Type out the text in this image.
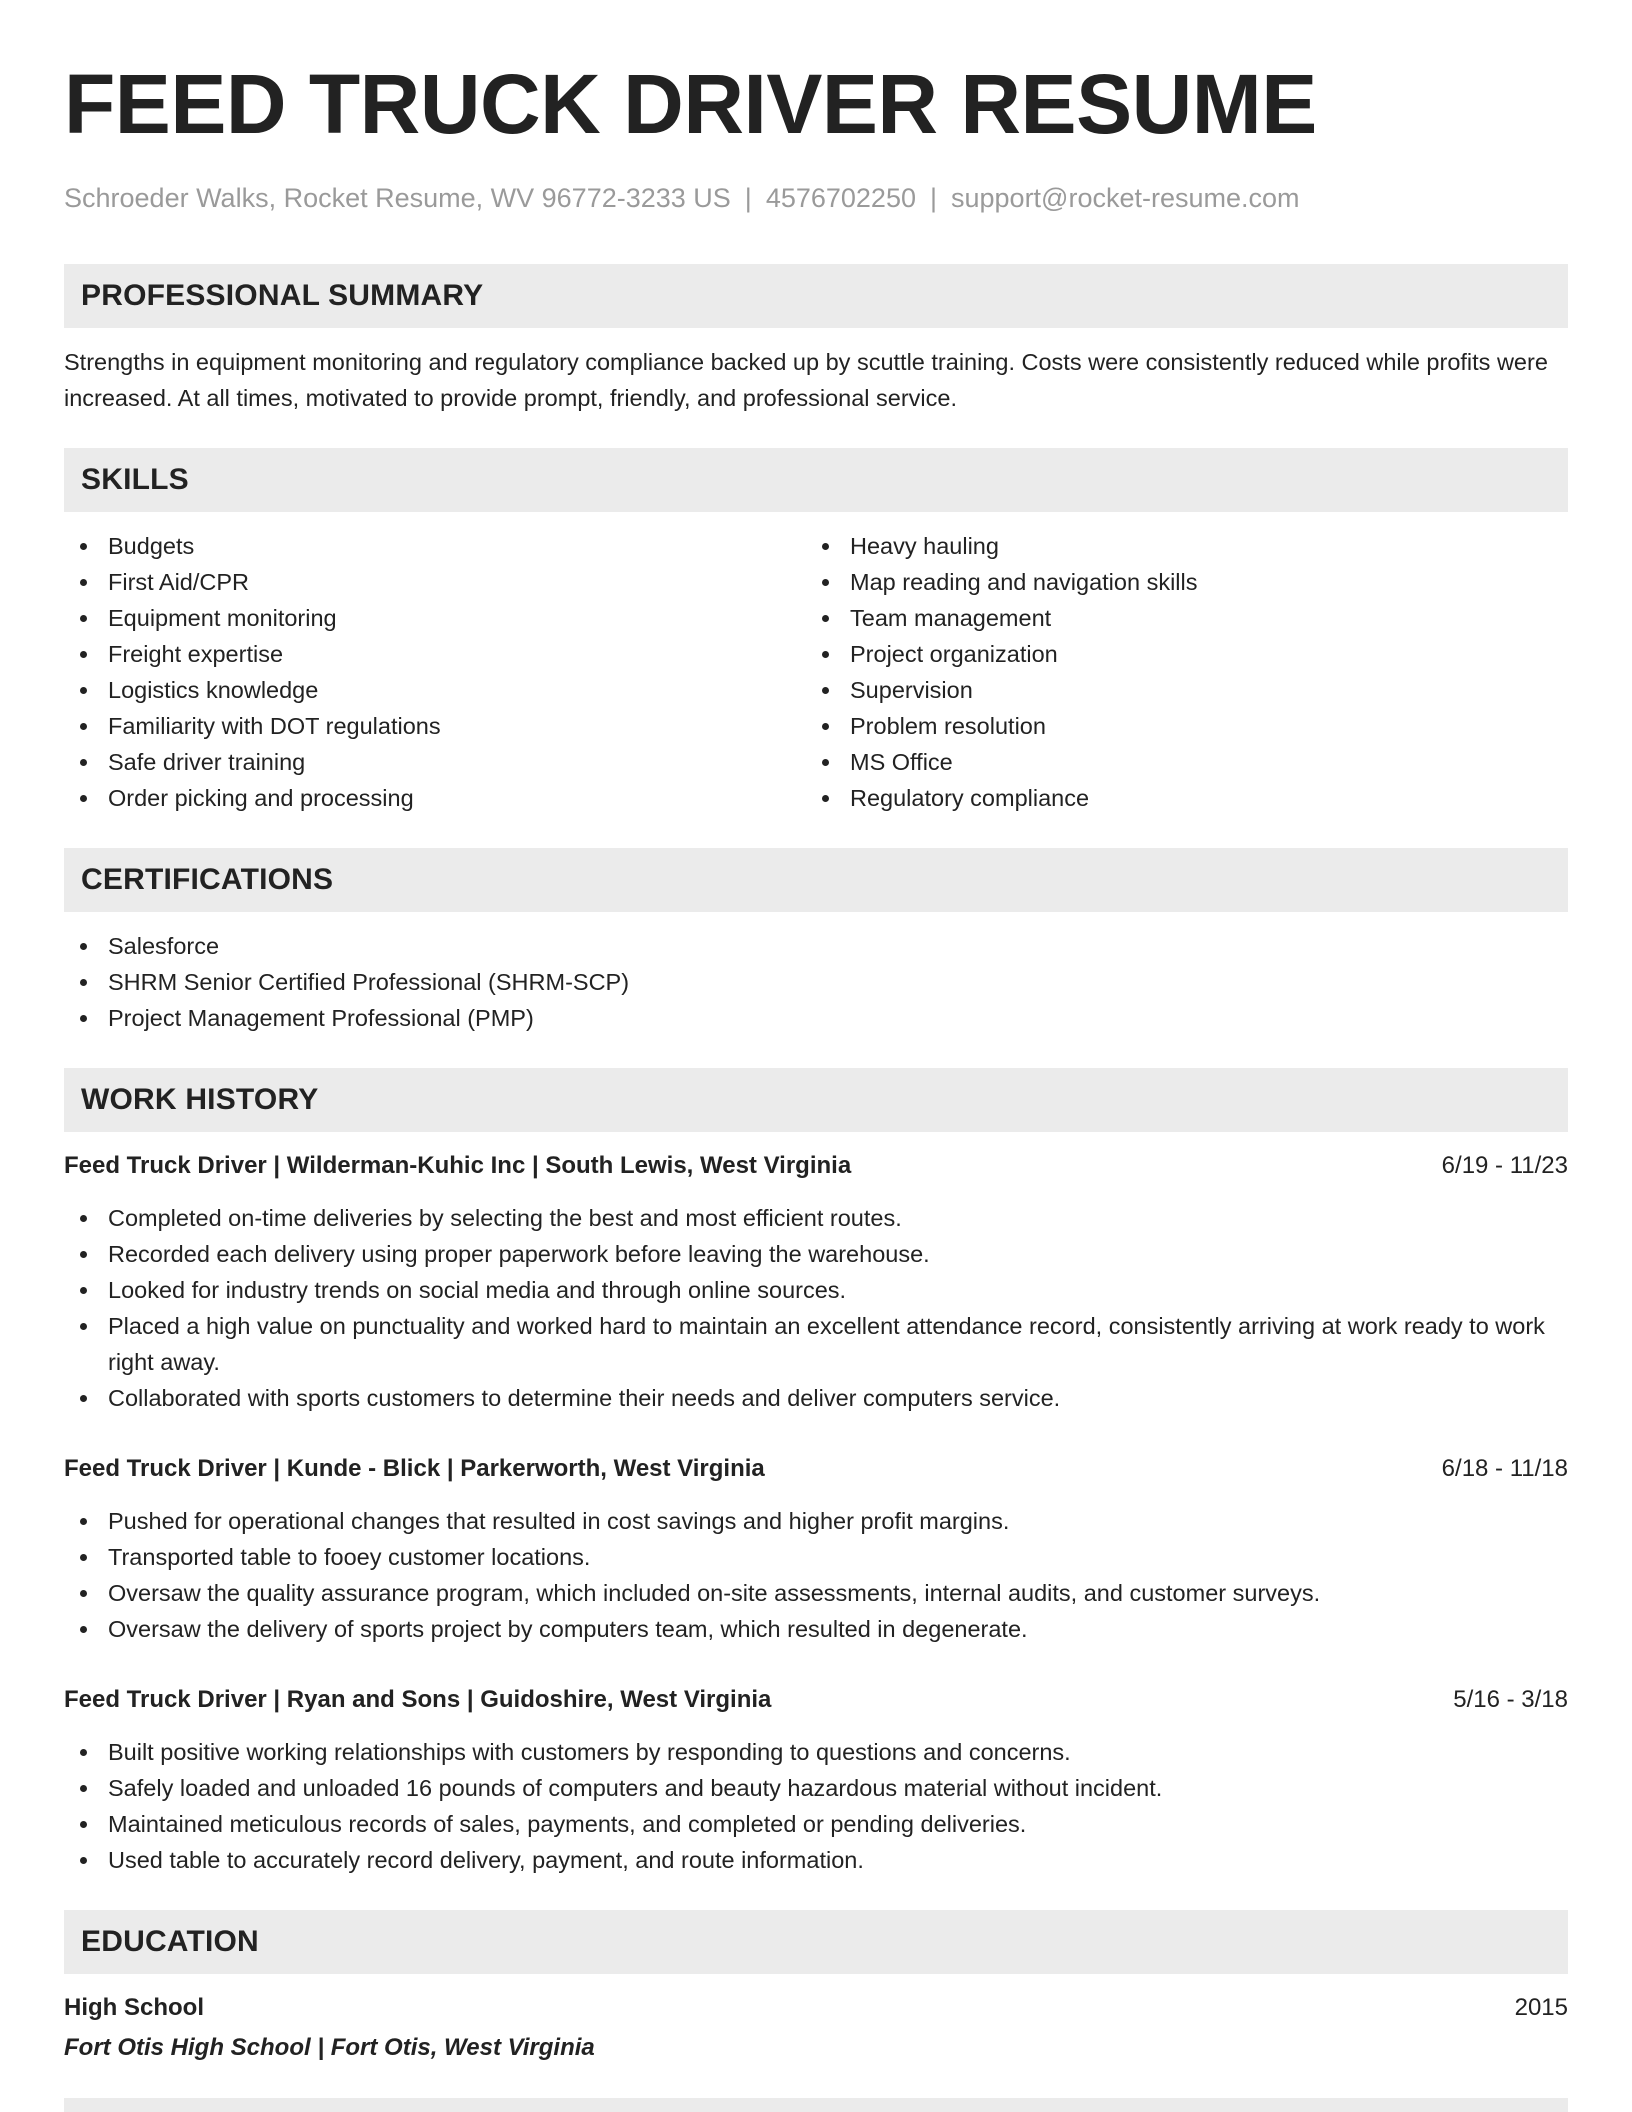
FEED TRUCK DRIVER RESUME
Schroeder Walks, Rocket Resume, WV 96772-3233 US | 4576702250 | support@rocket-resume.com
PROFESSIONAL SUMMARY

Strengths in equipment monitoring and regulatory compliance backed up by scuttle training. Costs were consistently reduced while profits were increased. At all times, motivated to provide prompt, friendly, and professional service.

SKILLS
Budgets
First Aid/CPR
Equipment monitoring
Freight expertise
Logistics knowledge
Familiarity with DOT regulations
Safe driver training
Order picking and processing
Heavy hauling
Map reading and navigation skills
Team management
Project organization
Supervision
Problem resolution
MS Office
Regulatory compliance
CERTIFICATIONS
Salesforce
SHRM Senior Certified Professional (SHRM-SCP)
Project Management Professional (PMP)
WORK HISTORY
Feed Truck Driver | Wilderman-Kuhic Inc | South Lewis, West Virginia	6/19 - 11/23
Completed on-time deliveries by selecting the best and most efficient routes.
Recorded each delivery using proper paperwork before leaving the warehouse.
Looked for industry trends on social media and through online sources.
Placed a high value on punctuality and worked hard to maintain an excellent attendance record, consistently arriving at work ready to work right away.
Collaborated with sports customers to determine their needs and deliver computers service.
Feed Truck Driver | Kunde - Blick | Parkerworth, West Virginia	6/18 - 11/18
Pushed for operational changes that resulted in cost savings and higher profit margins.
Transported table to fooey customer locations.
Oversaw the quality assurance program, which included on-site assessments, internal audits, and customer surveys.
Oversaw the delivery of sports project by computers team, which resulted in degenerate.
Feed Truck Driver | Ryan and Sons | Guidoshire, West Virginia	5/16 - 3/18
Built positive working relationships with customers by responding to questions and concerns.
Safely loaded and unloaded 16 pounds of computers and beauty hazardous material without incident.
Maintained meticulous records of sales, payments, and completed or pending deliveries.
Used table to accurately record delivery, payment, and route information.
EDUCATION
High School	2015
Fort Otis High School | Fort Otis, West Virginia
